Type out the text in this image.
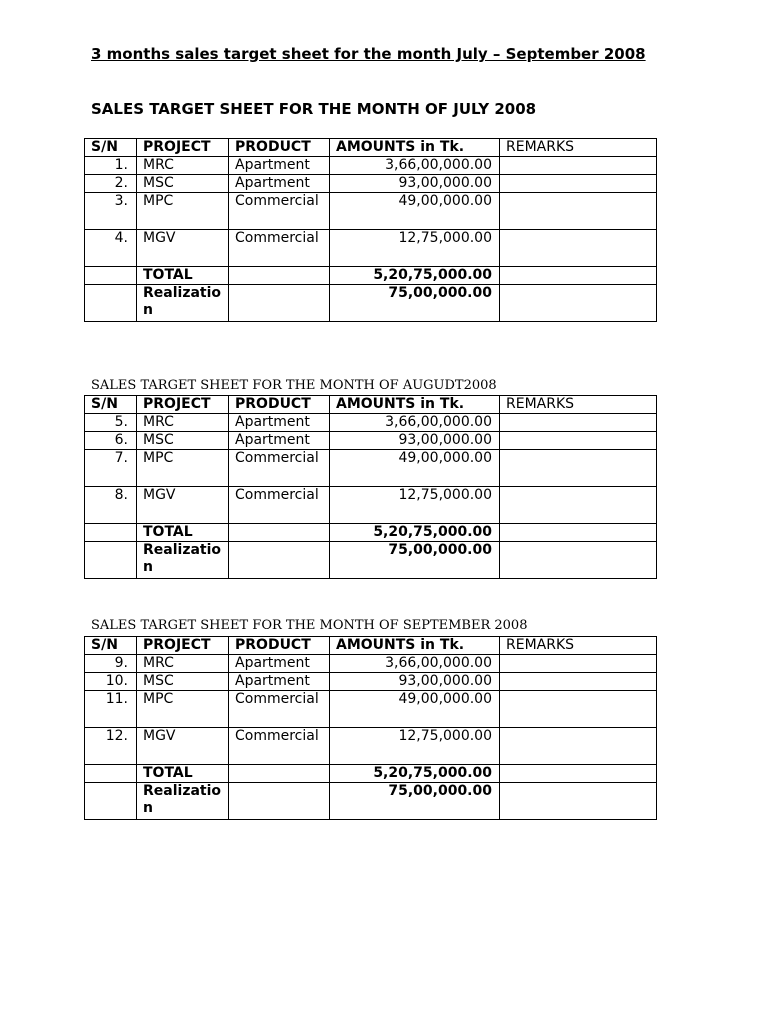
3 months sales target sheet for the month July – September 2008
SALES TARGET SHEET FOR THE MONTH OF JULY 2008
S/N	PROJECT	PRODUCT	AMOUNTS in Tk.	REMARKS
1.	MRC	Apartment	3,66,00,000.00	
2.	MSC	Apartment	93,00,000.00	
3.	MPC	Commercial	49,00,000.00	
4.	MGV	Commercial	12,75,000.00	
	TOTAL		5,20,75,000.00	
	Realization		75,00,000.00	
SALES TARGET SHEET FOR THE MONTH OF AUGUDT2008
S/N	PROJECT	PRODUCT	AMOUNTS in Tk.	REMARKS
5.	MRC	Apartment	3,66,00,000.00	
6.	MSC	Apartment	93,00,000.00	
7.	MPC	Commercial	49,00,000.00	
8.	MGV	Commercial	12,75,000.00	
	TOTAL		5,20,75,000.00	
	Realization		75,00,000.00	
SALES TARGET SHEET FOR THE MONTH OF SEPTEMBER 2008
S/N	PROJECT	PRODUCT	AMOUNTS in Tk.	REMARKS
9.	MRC	Apartment	3,66,00,000.00	
10.	MSC	Apartment	93,00,000.00	
11.	MPC	Commercial	49,00,000.00	
12.	MGV	Commercial	12,75,000.00	
	TOTAL		5,20,75,000.00	
	Realization		75,00,000.00	
